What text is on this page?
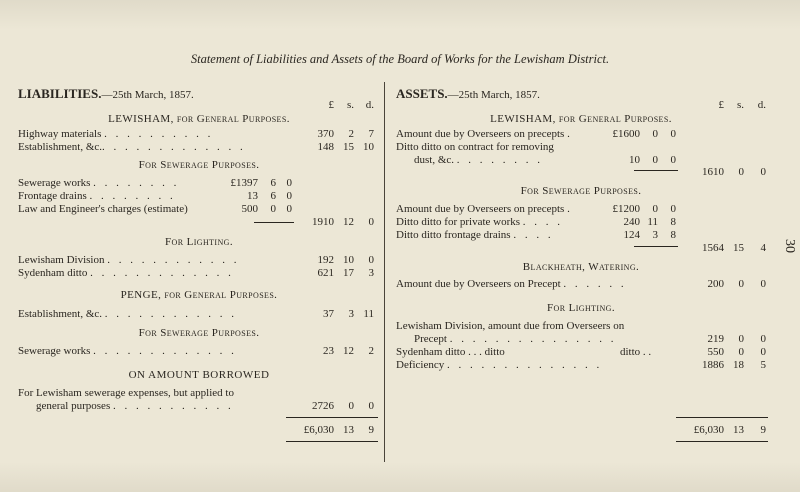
Statement of Liabilities and Assets of the Board of Works for the Lewisham District.
30
LIABILITIES.—25th March, 1857.
£	s.	d.
LEWISHAM, for General Purposes.
Highway materials . . . . . . . . . .	370	2	7
Establishment, &c.. . . . . . . . . . . . .	148 15 10
For Sewerage Purposes.
Sewerage works . . . . . . . .	£1397	6 0
Frontage drains . . . . . . . .	13	6 0
Law and Engineer's charges (estimate)	500	0 0
1910 12	0
For Lighting.
Lewisham Division . . . . . . . . . . . .	192 10	0
Sydenham ditto . . . . . . . . . . . . .	621 17	3
PENGE, for General Purposes.
Establishment, &c. . . . . . . . . . . . .	37	3 11
For Sewerage Purposes.
Sewerage works . . . . . . . . . . . . .	23 12	2
ON AMOUNT BORROWED
For Lewisham sewerage expenses, but applied to
general purposes . . . . . . . . . . .	2726	0	0
£6,030 13	9
ASSETS.—25th March, 1857.
£	s.	d.
LEWISHAM, for General Purposes.
Amount due by Overseers on precepts .	£1600	0	0
Ditto ditto on contract for removing
dust, &c. . . . . . . . .	10	0	0
1610	0	0
For Sewerage Purposes.
Amount due by Overseers on precepts .	£1200	0	0
Ditto ditto for private works . . . .	240 11	8
Ditto ditto frontage drains . . . .	124	3	8
1564 15	4
Blackheath, Watering.
Amount due by Overseers on Precept . . . . . .	200	0	0
For Lighting.
Lewisham Division, amount due from Overseers on
Precept . . . . . . . . . . . . . . .	219	0	0
Sydenham ditto . . . ditto	ditto . .	550	0	0
Deficiency . . . . . . . . . . . . . .	1886 18	5
£6,030 13	9
